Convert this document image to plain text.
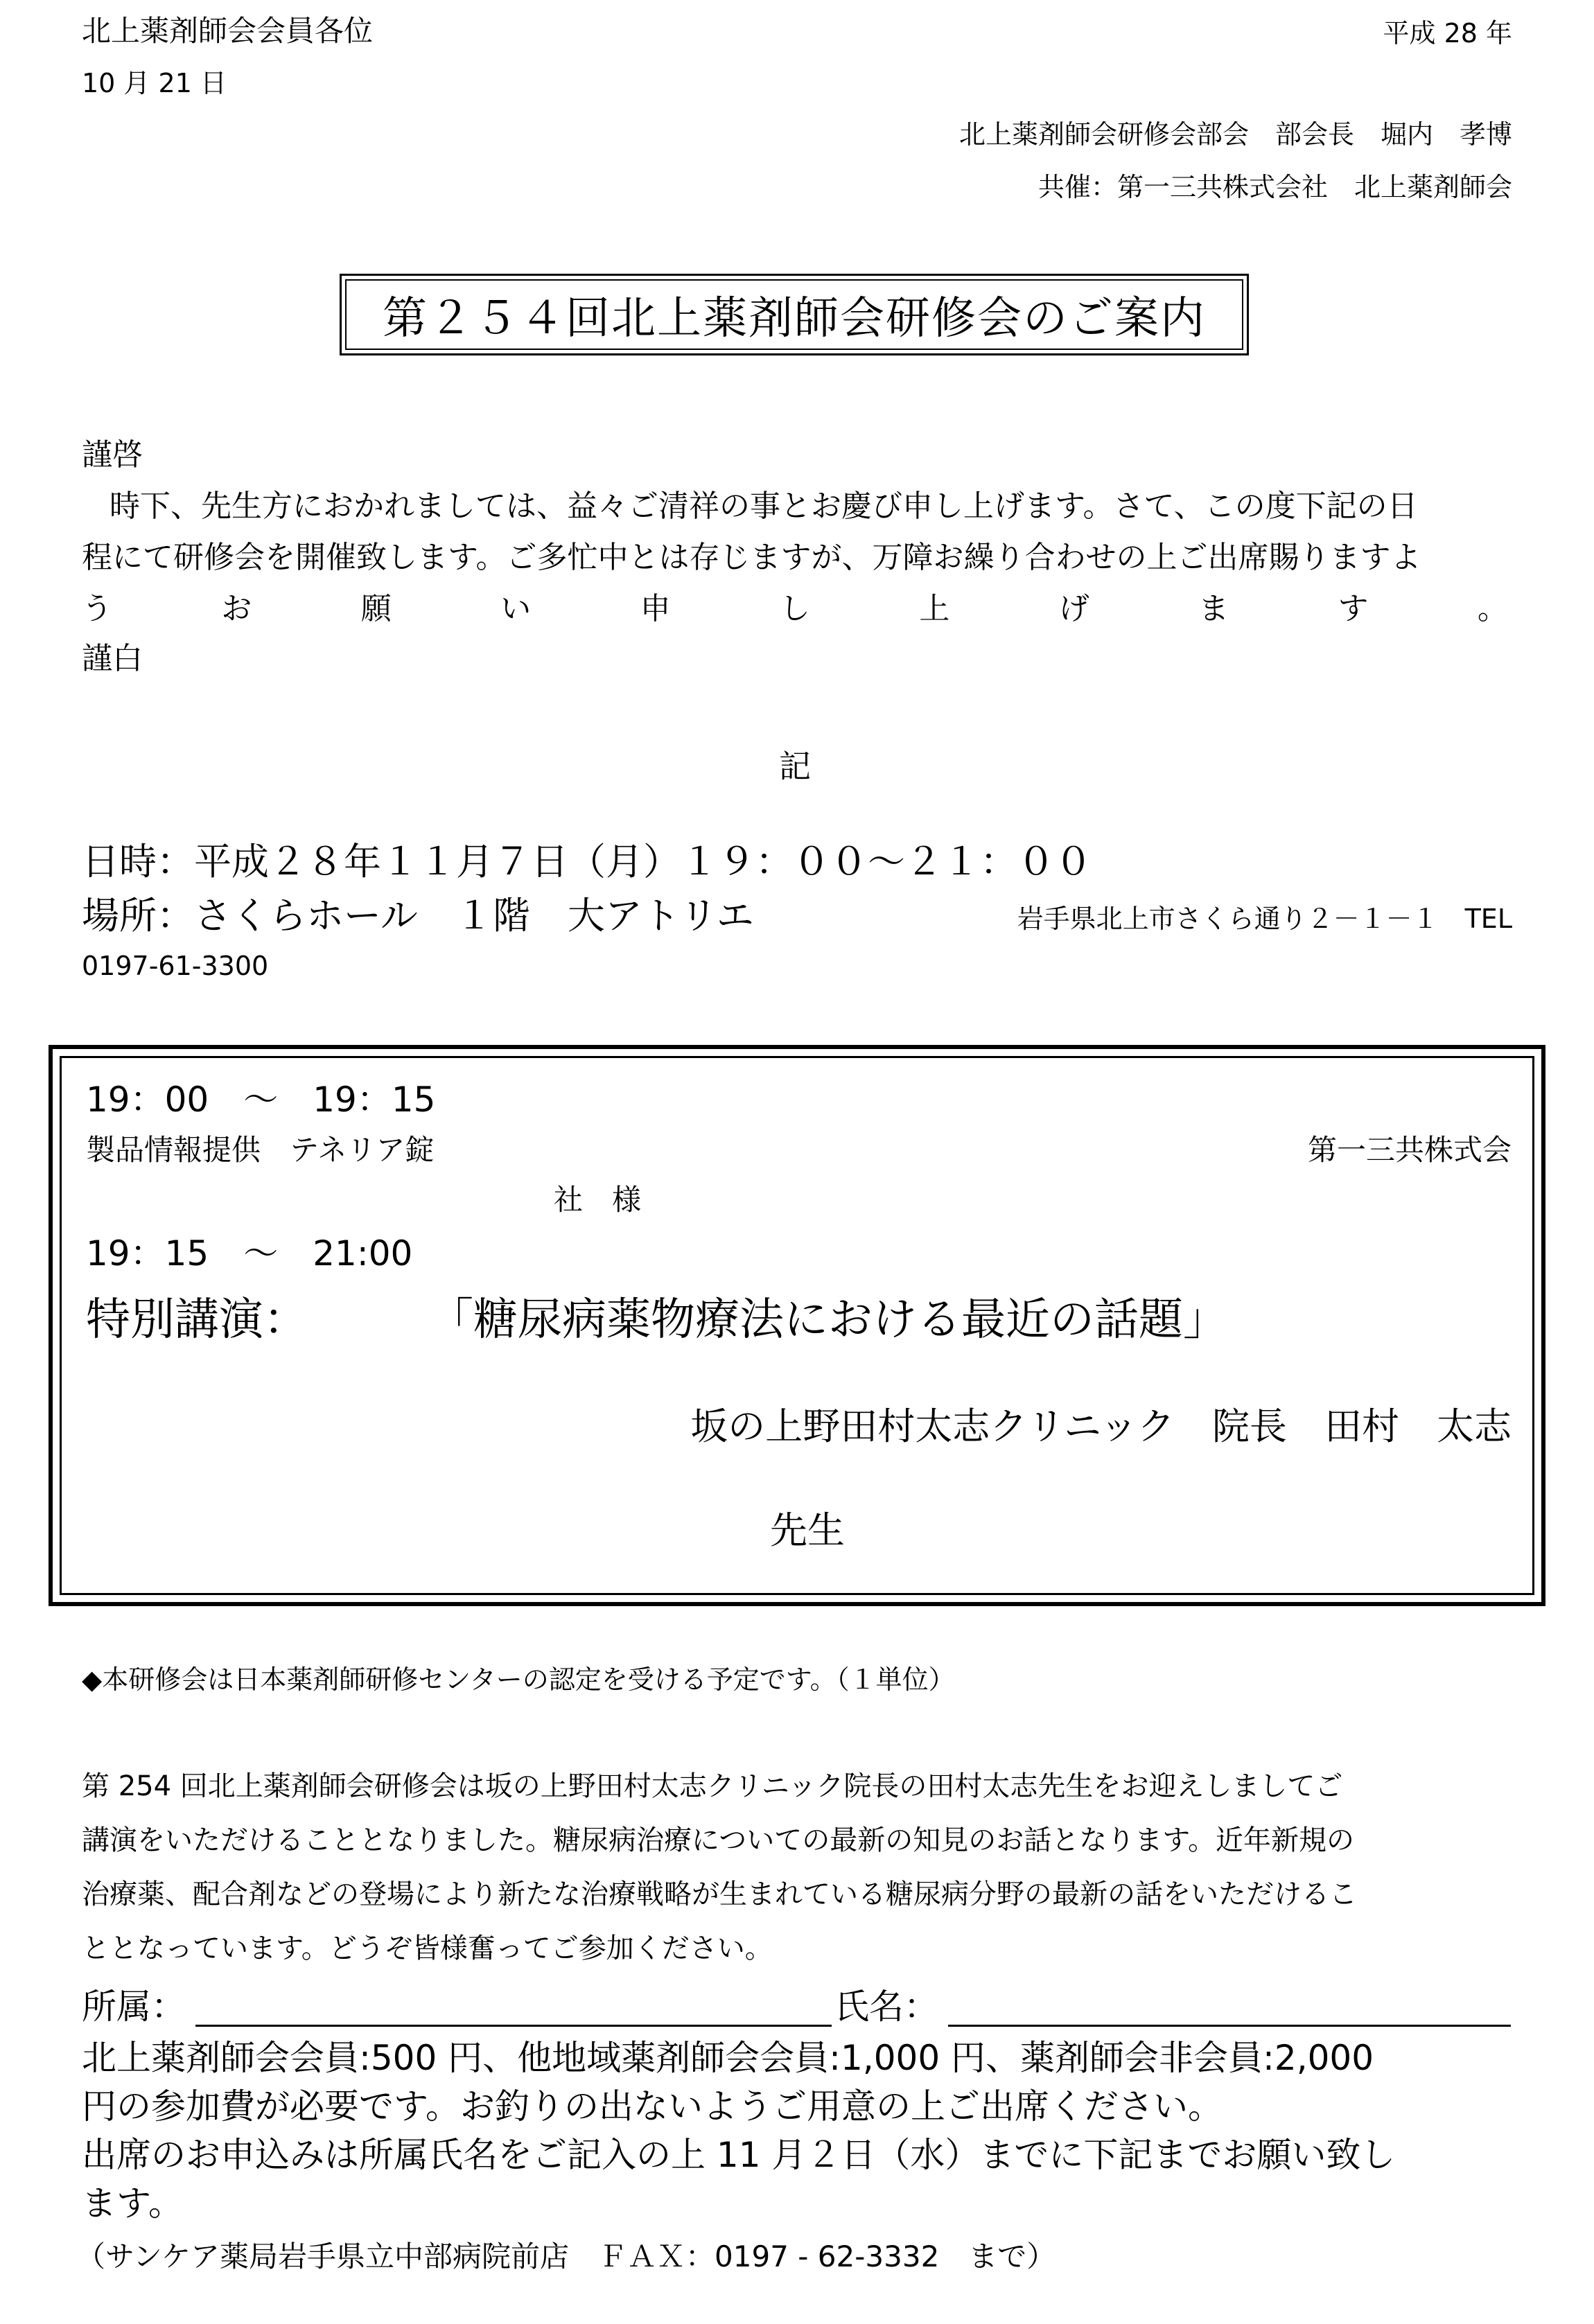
北上薬剤師会会員各位	平成 28 年
10 月 21 日
北上薬剤師会研修会部会　部会長　堀内　孝博
共催：第一三共株式会社　北上薬剤師会
第２５４回北上薬剤師会研修会のご案内
謹啓
時下、先生方におかれましては、益々ご清祥の事とお慶び申し上げます。さて、この度下記の日
程にて研修会を開催致します。ご多忙中とは存じますが、万障お繰り合わせの上ご出席賜りますよ
う	お	願	い	申	し	上	げ	ま	す	。
謹白
記
日時：平成２８年１１月７日（月）１９：００～２１：００
場所：さくらホール　１階　大アトリエ	岩手県北上市さくら通り２－１－１　TEL
0197-61-3300
19：00　～　19：15
製品情報提供　テネリア錠	第一三共株式会
社　様
19：15　～　21:00
特別講演：	「糖尿病薬物療法における最近の話題」
坂の上野田村太志クリニック　院長　田村　太志
先生
◆本研修会は日本薬剤師研修センターの認定を受ける予定です。（１単位）
第 254 回北上薬剤師会研修会は坂の上野田村太志クリニック院長の田村太志先生をお迎えしましてご
講演をいただけることとなりました。糖尿病治療についての最新の知見のお話となります。近年新規の
治療薬、配合剤などの登場により新たな治療戦略が生まれている糖尿病分野の最新の話をいただけるこ
ととなっています。どうぞ皆様奮ってご参加ください。
所属：	氏名：
北上薬剤師会会員:500 円、他地域薬剤師会会員:1,000 円、薬剤師会非会員:2,000
円の参加費が必要です。お釣りの出ないようご用意の上ご出席ください。
出席のお申込みは所属氏名をご記入の上 11 月２日（水）までに下記までお願い致し
ます。
（サンケア薬局岩手県立中部病院前店　ＦＡＸ：0197 - 62-3332　まで）
